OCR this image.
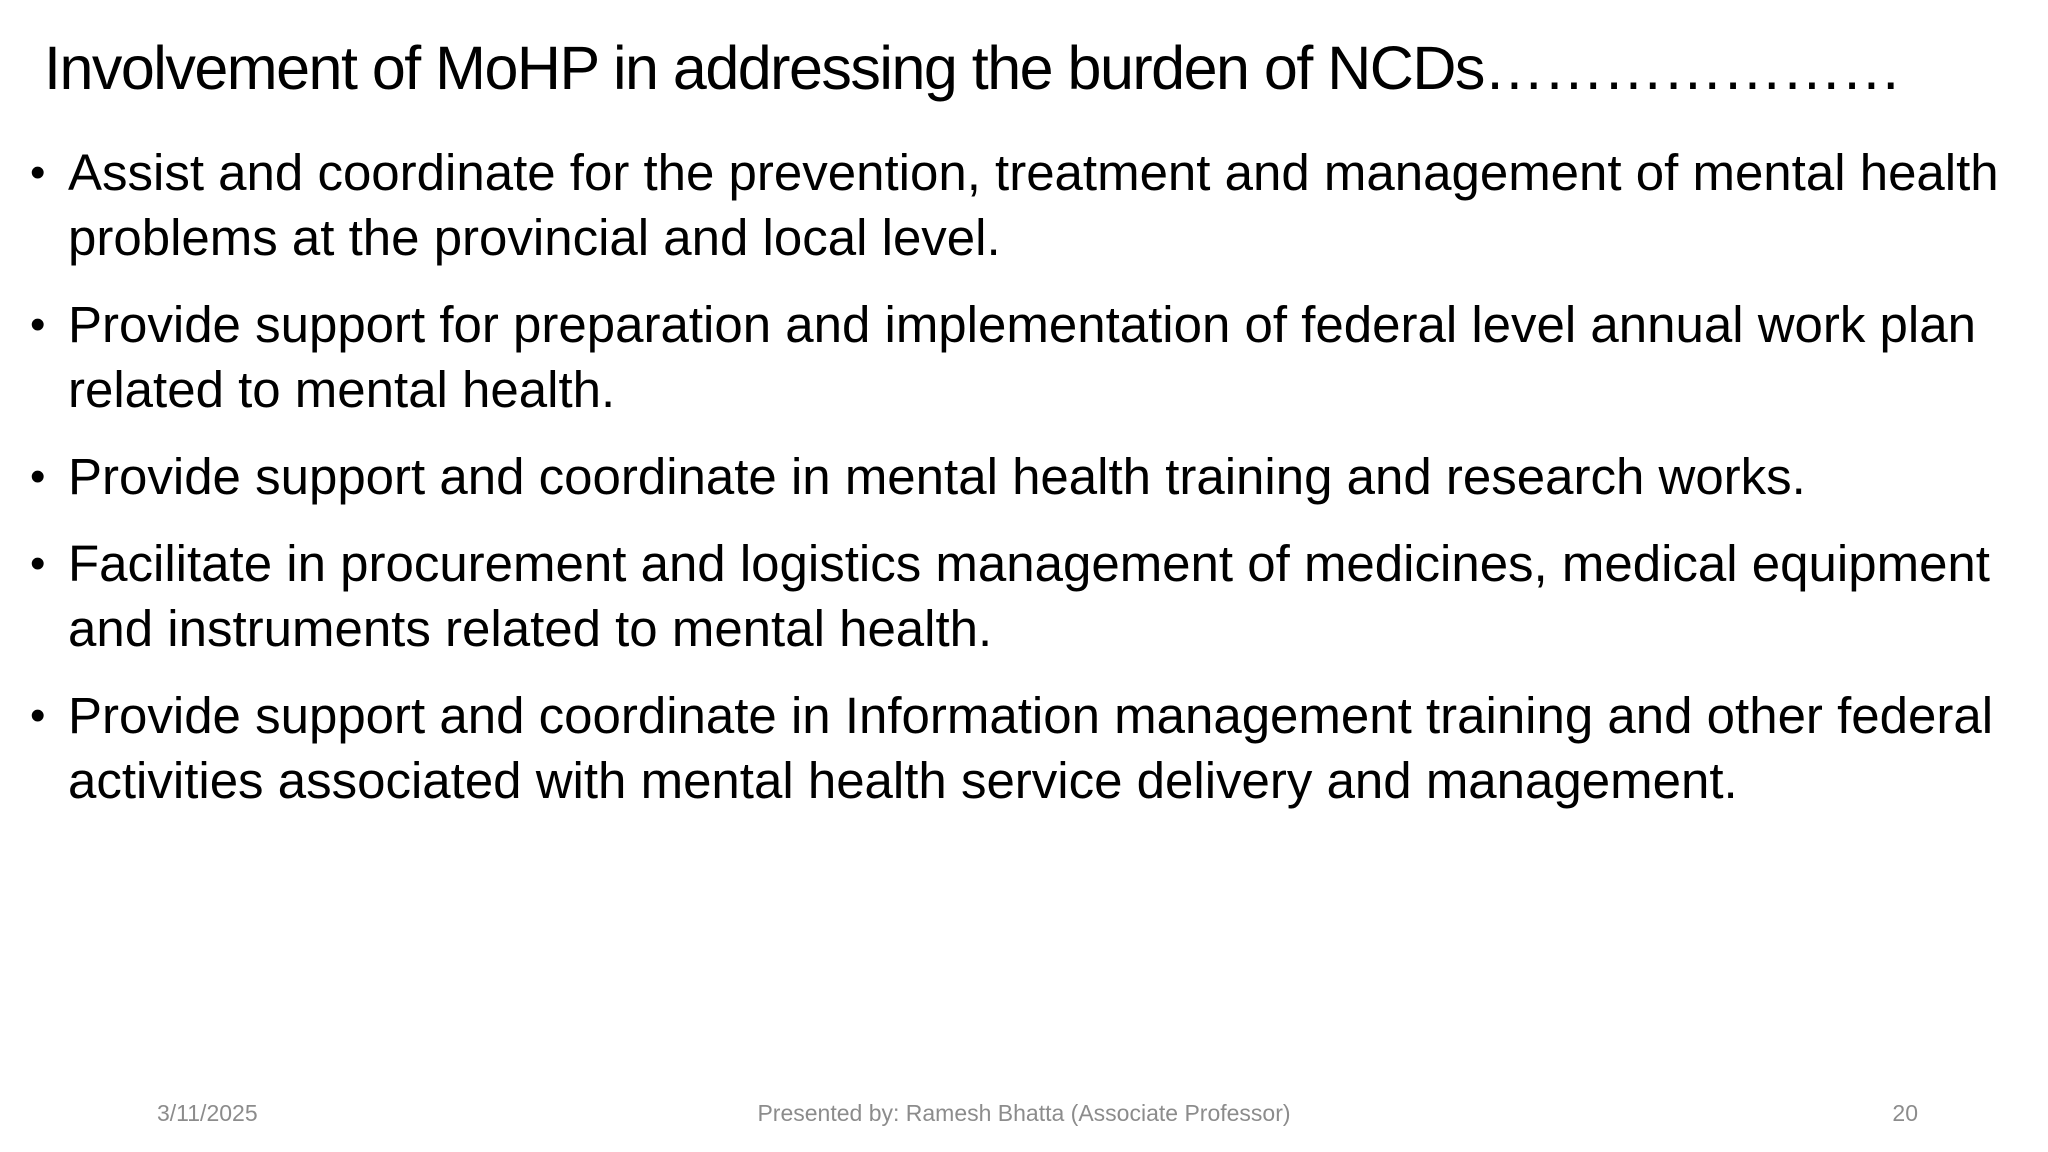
Involvement of MoHP in addressing the burden of NCDs…………………
• Assist and coordinate for the prevention, treatment and management of mental health problems at the provincial and local level.
• Provide support for preparation and implementation of federal level annual work plan related to mental health.
• Provide support and coordinate in mental health training and research works.
• Facilitate in procurement and logistics management of medicines, medical equipment and instruments related to mental health.
• Provide support and coordinate in Information management training and other federal activities associated with mental health service delivery and management.
3/11/2025	Presented by: Ramesh Bhatta (Associate Professor)	20
